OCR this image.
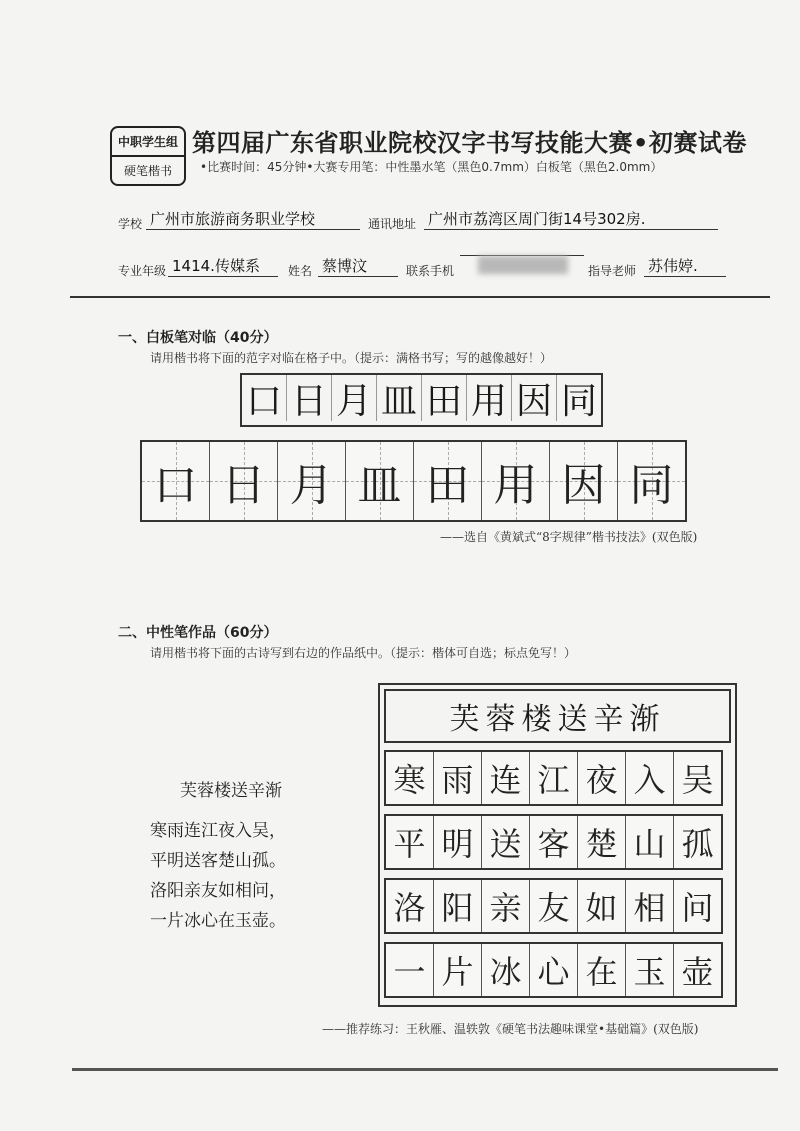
中职学生组
硬笔楷书
第四届广东省职业院校汉字书写技能大赛•初赛试卷
•比赛时间：45分钟•大赛专用笔：中性墨水笔（黑色0.7mm）白板笔（黑色2.0mm）
学校 广州市旅游商务职业学校	通讯地址 广州市荔湾区周门街14号302房.
专业年级 1414.传媒系	姓名 蔡博汶	联系手机	指导老师 苏伟婷.
一、白板笔对临（40分）
请用楷书将下面的范字对临在格子中。（提示：满格书写；写的越像越好！）
口 日 月 皿 田 用 因 同
口 日 月 皿 田 用 因 同
——选自《黄斌式“8字规律”楷书技法》(双色版)
二、中性笔作品（60分）
请用楷书将下面的古诗写到右边的作品纸中。（提示：楷体可自选；标点免写！）
芙蓉楼送辛渐
寒雨连江夜入吴，
平明送客楚山孤。
洛阳亲友如相问，
一片冰心在玉壶。
芙蓉楼送辛渐
寒 雨 连 江 夜 入 吴
平 明 送 客 楚 山 孤
洛 阳 亲 友 如 相 问
一 片 冰 心 在 玉 壶
——推荐练习：王秋雁、温轶敦《硬笔书法趣味课堂•基础篇》(双色版)
